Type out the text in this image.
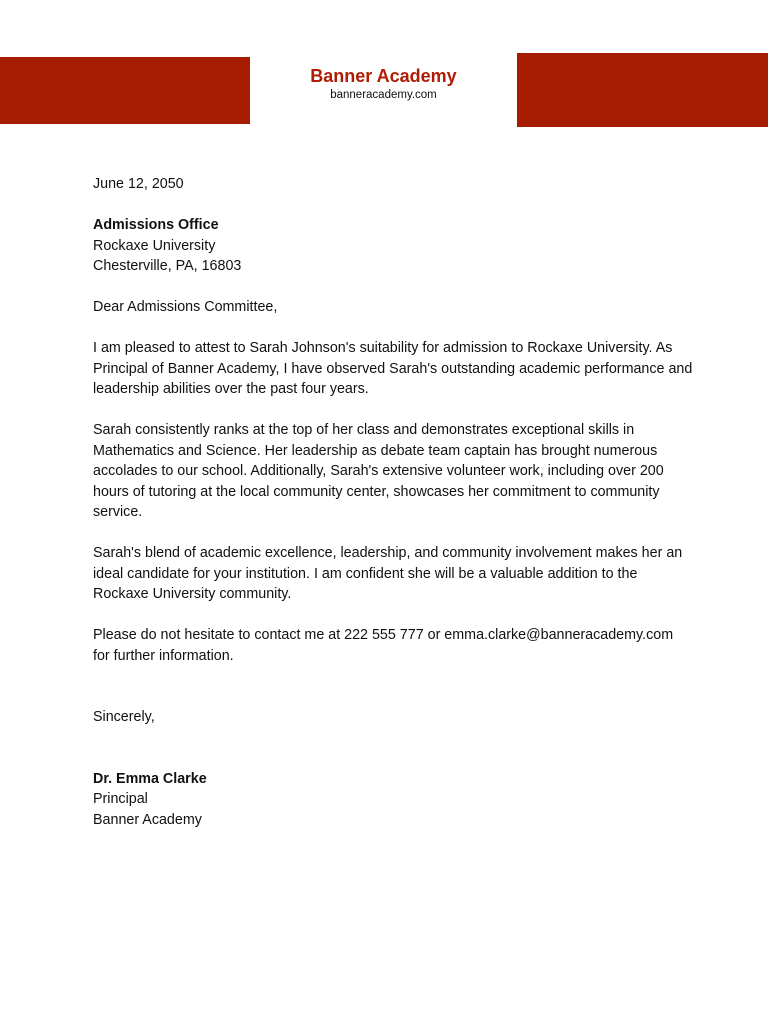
Banner Academy
banneracademy.com

June 12, 2050

Admissions Office
Rockaxe University
Chesterville, PA, 16803

Dear Admissions Committee,

I am pleased to attest to Sarah Johnson's suitability for admission to Rockaxe University. As Principal of Banner Academy, I have observed Sarah's outstanding academic performance and leadership abilities over the past four years.

Sarah consistently ranks at the top of her class and demonstrates exceptional skills in Mathematics and Science. Her leadership as debate team captain has brought numerous accolades to our school. Additionally, Sarah's extensive volunteer work, including over 200 hours of tutoring at the local community center, showcases her commitment to community service.

Sarah's blend of academic excellence, leadership, and community involvement makes her an ideal candidate for your institution. I am confident she will be a valuable addition to the Rockaxe University community.

Please do not hesitate to contact me at 222 555 777 or emma.clarke@banneracademy.com for further information.

Sincerely,

Dr. Emma Clarke
Principal
Banner Academy
